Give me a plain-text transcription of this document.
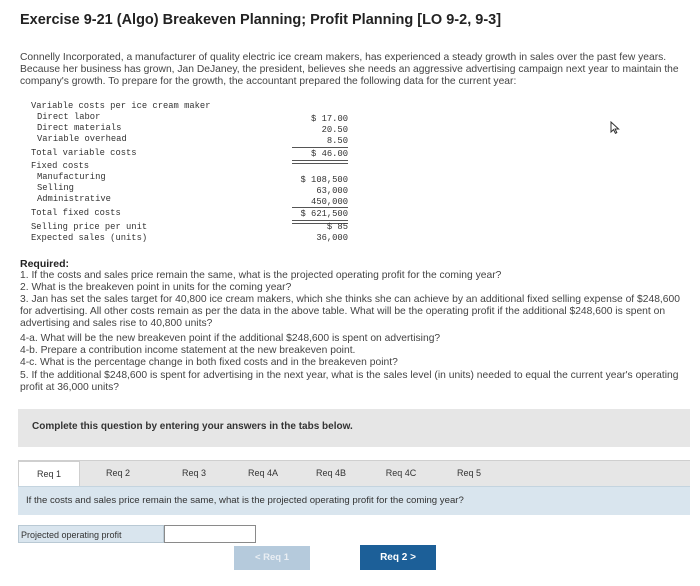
Exercise 9-21 (Algo) Breakeven Planning; Profit Planning [LO 9-2, 9-3]
Connelly Incorporated, a manufacturer of quality electric ice cream makers, has experienced a steady growth in sales over the past few years. Because her business has grown, Jan DeJaney, the president, believes she needs an aggressive advertising campaign next year to maintain the company's growth. To prepare for the growth, the accountant prepared the following data for the current year:
Variable costs per ice cream maker
Direct labor	$ 17.00
Direct materials	20.50
Variable overhead	8.50
Total variable costs	$ 46.00
Fixed costs
Manufacturing	$ 108,500
Selling	63,000
Administrative	450,000
Total fixed costs	$ 621,500
Selling price per unit	$ 85
Expected sales (units)	36,000
Required:
1. If the costs and sales price remain the same, what is the projected operating profit for the coming year?
2. What is the breakeven point in units for the coming year?
3. Jan has set the sales target for 40,800 ice cream makers, which she thinks she can achieve by an additional fixed selling expense of $248,600 for advertising. All other costs remain as per the data in the above table. What will be the operating profit if the additional $248,600 is spent on advertising and sales rise to 40,800 units?
4-a. What will be the new breakeven point if the additional $248,600 is spent on advertising?
4-b. Prepare a contribution income statement at the new breakeven point.
4-c. What is the percentage change in both fixed costs and in the breakeven point?
5. If the additional $248,600 is spent for advertising in the next year, what is the sales level (in units) needed to equal the current year's operating profit at 36,000 units?
Complete this question by entering your answers in the tabs below.
Req 1	Req 2	Req 3	Req 4A	Req 4B	Req 4C	Req 5
If the costs and sales price remain the same, what is the projected operating profit for the coming year?
Projected operating profit
< Req 1	Req 2 >
